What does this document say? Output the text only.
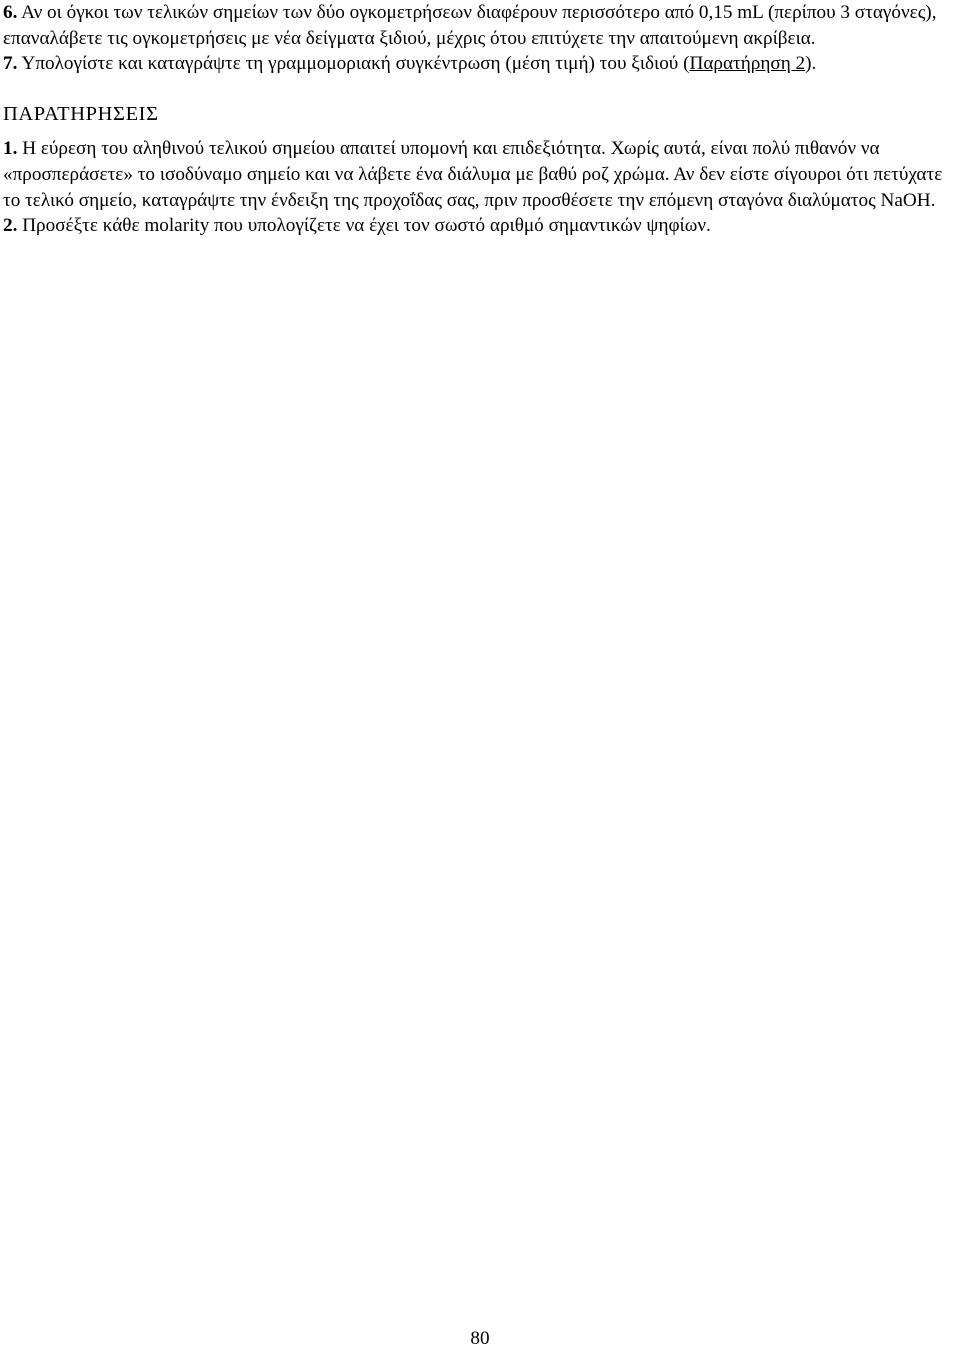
6. Αν οι όγκοι των τελικών σημείων των δύο ογκομετρήσεων διαφέρουν περισσότερο από 0,15 mL (περίπου 3 σταγόνες), επαναλάβετε τις ογκομετρήσεις με νέα δείγματα ξιδιού, μέχρις ότου επιτύχετε την απαιτούμενη ακρίβεια.

7. Υπολογίστε και καταγράψτε τη γραμμομοριακή συγκέντρωση (μέση τιμή) του ξιδιού (Παρατήρηση 2).

ΠΑΡΑΤΗΡΗΣΕΙΣ

1. Η εύρεση του αληθινού τελικού σημείου απαιτεί υπομονή και επιδεξιότητα. Χωρίς αυτά, είναι πολύ πιθανόν να «προσπεράσετε» το ισοδύναμο σημείο και να λάβετε ένα διάλυμα με βαθύ ροζ χρώμα. Αν δεν είστε σίγουροι ότι πετύχατε το τελικό σημείο, καταγράψτε την ένδειξη της προχοΐδας σας, πριν προσθέσετε την επόμενη σταγόνα διαλύματος NaOH.

2. Προσέξτε κάθε molarity που υπολογίζετε να έχει τον σωστό αριθμό σημαντικών ψηφίων.

80
